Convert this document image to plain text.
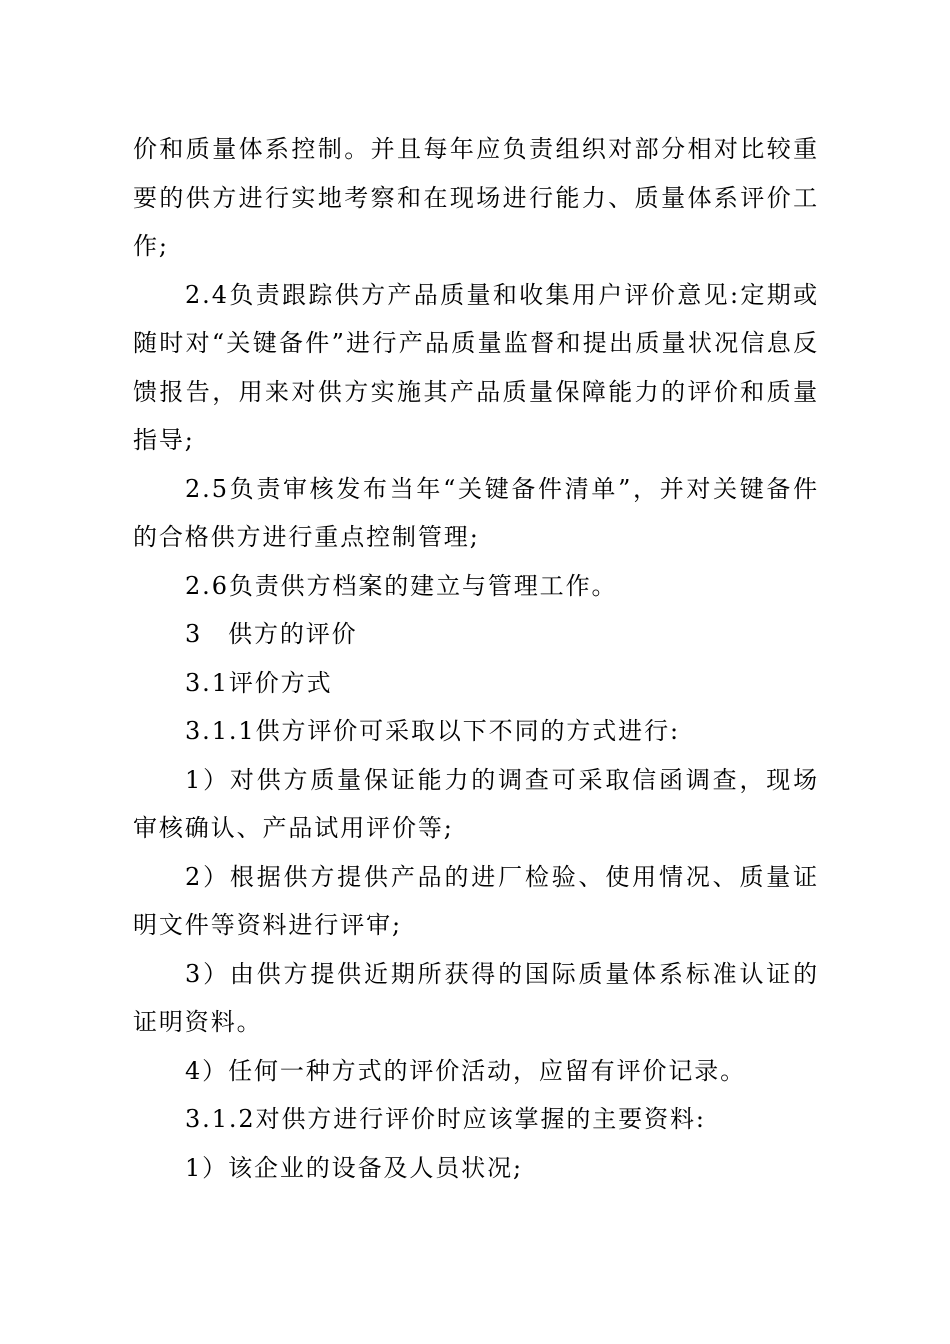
价和质量体系控制。并且每年应负责组织对部分相对比较重要的供方进行实地考察和在现场进行能力、质量体系评价工作;

2.4负责跟踪供方产品质量和收集用户评价意见:定期或随时对“关键备件”进行产品质量监督和提出质量状况信息反馈报告，用来对供方实施其产品质量保障能力的评价和质量指导;

2.5负责审核发布当年“关键备件清单”，并对关键备件的合格供方进行重点控制管理;

2.6负责供方档案的建立与管理工作。

3　供方的评价

3.1评价方式

3.1.1供方评价可采取以下不同的方式进行:

1）对供方质量保证能力的调查可采取信函调查，现场审核确认、产品试用评价等;

2）根据供方提供产品的进厂检验、使用情况、质量证明文件等资料进行评审;

3）由供方提供近期所获得的国际质量体系标准认证的证明资料。

4）任何一种方式的评价活动，应留有评价记录。

3.1.2对供方进行评价时应该掌握的主要资料:

1）该企业的设备及人员状况;
